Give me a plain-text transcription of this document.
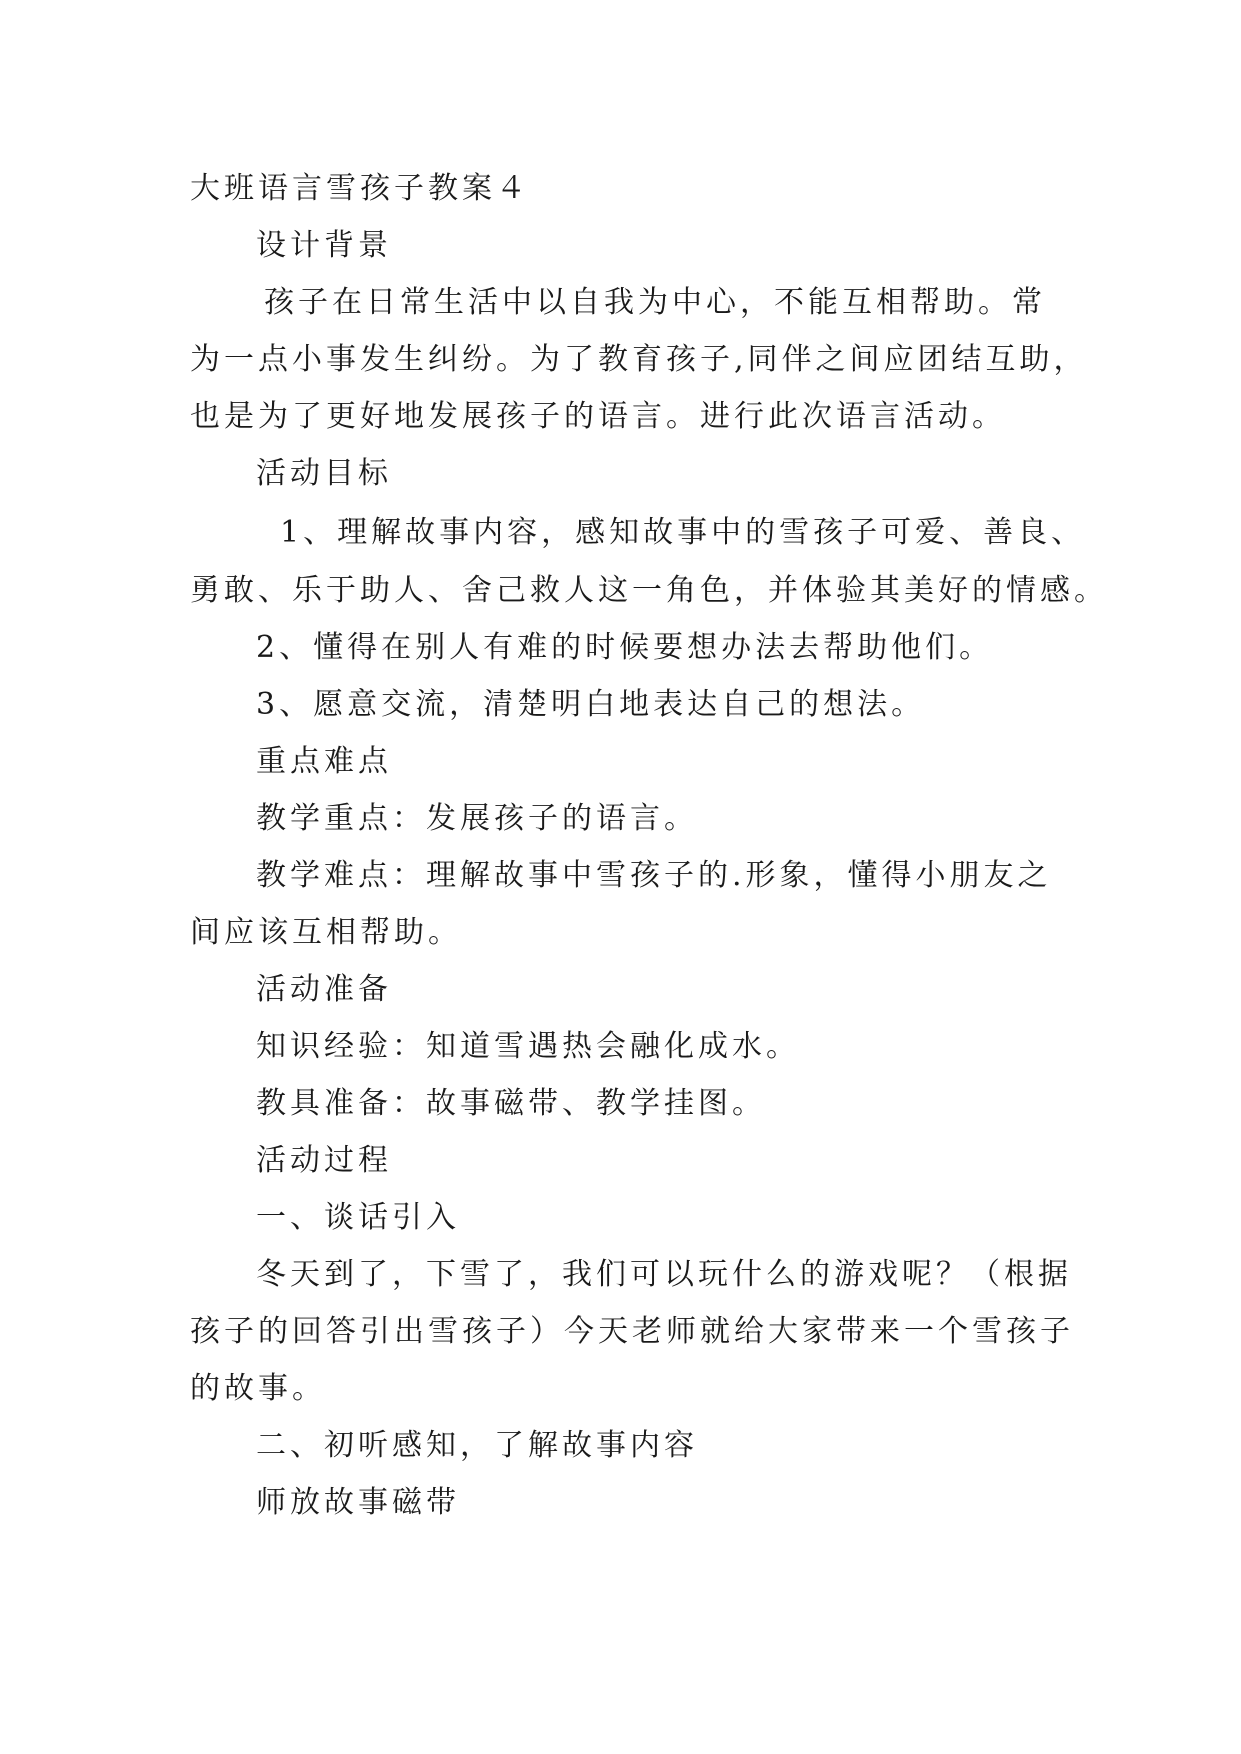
大班语言雪孩子教案４
设计背景
孩子在日常生活中以自我为中心，不能互相帮助。常
为一点小事发生纠纷。为了教育孩子,同伴之间应团结互助，
也是为了更好地发展孩子的语言。进行此次语言活动。
活动目标
1、理解故事内容，感知故事中的雪孩子可爱、善良、
勇敢、乐于助人、舍己救人这一角色，并体验其美好的情感。
2、懂得在别人有难的时候要想办法去帮助他们。
3、愿意交流，清楚明白地表达自己的想法。
重点难点
教学重点：发展孩子的语言。
教学难点：理解故事中雪孩子的.形象，懂得小朋友之
间应该互相帮助。
活动准备
知识经验：知道雪遇热会融化成水。
教具准备：故事磁带、教学挂图。
活动过程
一、谈话引入
冬天到了，下雪了，我们可以玩什么的游戏呢？（根据
孩子的回答引出雪孩子）今天老师就给大家带来一个雪孩子
的故事。
二、初听感知，了解故事内容
师放故事磁带
